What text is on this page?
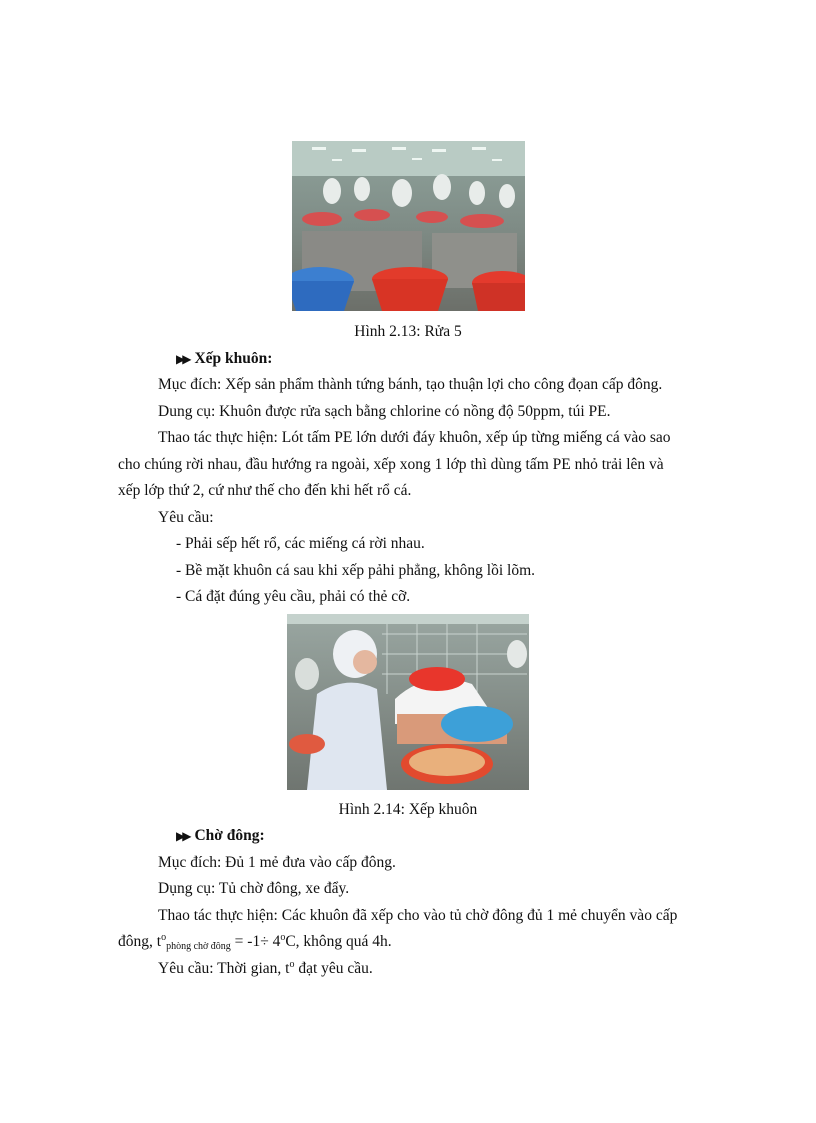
Hình 2.13: Rửa 5
▶▶ Xếp khuôn:
Mục đích: Xếp sản phẩm thành tứng bánh, tạo thuận lợi cho công đọan cấp đông.
Dung cụ: Khuôn được rửa sạch bằng chlorine có nồng độ 50ppm, túi PE.
Thao tác thực hiện: Lót tấm PE lớn dưới đáy khuôn, xếp úp từng miếng cá vào sao
cho chúng rời nhau, đầu hướng ra ngoài, xếp xong 1 lớp thì dùng tấm PE nhỏ trải lên và
xếp lớp thứ 2, cứ như thế cho đến khi hết rổ cá.
Yêu cầu:
- Phải sếp hết rổ, các miếng cá rời nhau.
- Bề mặt khuôn cá sau khi xếp pảhi phẳng, không lồi lõm.
- Cá đặt đúng yêu cầu, phải có thẻ cỡ.
Hình 2.14: Xếp khuôn
▶▶ Chờ đông:
Mục đích: Đủ 1 mẻ đưa vào cấp đông.
Dụng cụ: Tủ chờ đông, xe đẩy.
Thao tác thực hiện: Các khuôn đã xếp cho vào tủ chờ đông đủ 1 mẻ chuyển vào cấp
đông, $t^o_{phòng chờ đông} = -1\div 4^oC$, không quá 4h.
Yêu cầu: Thời gian, $t^o$ đạt yêu cầu.
